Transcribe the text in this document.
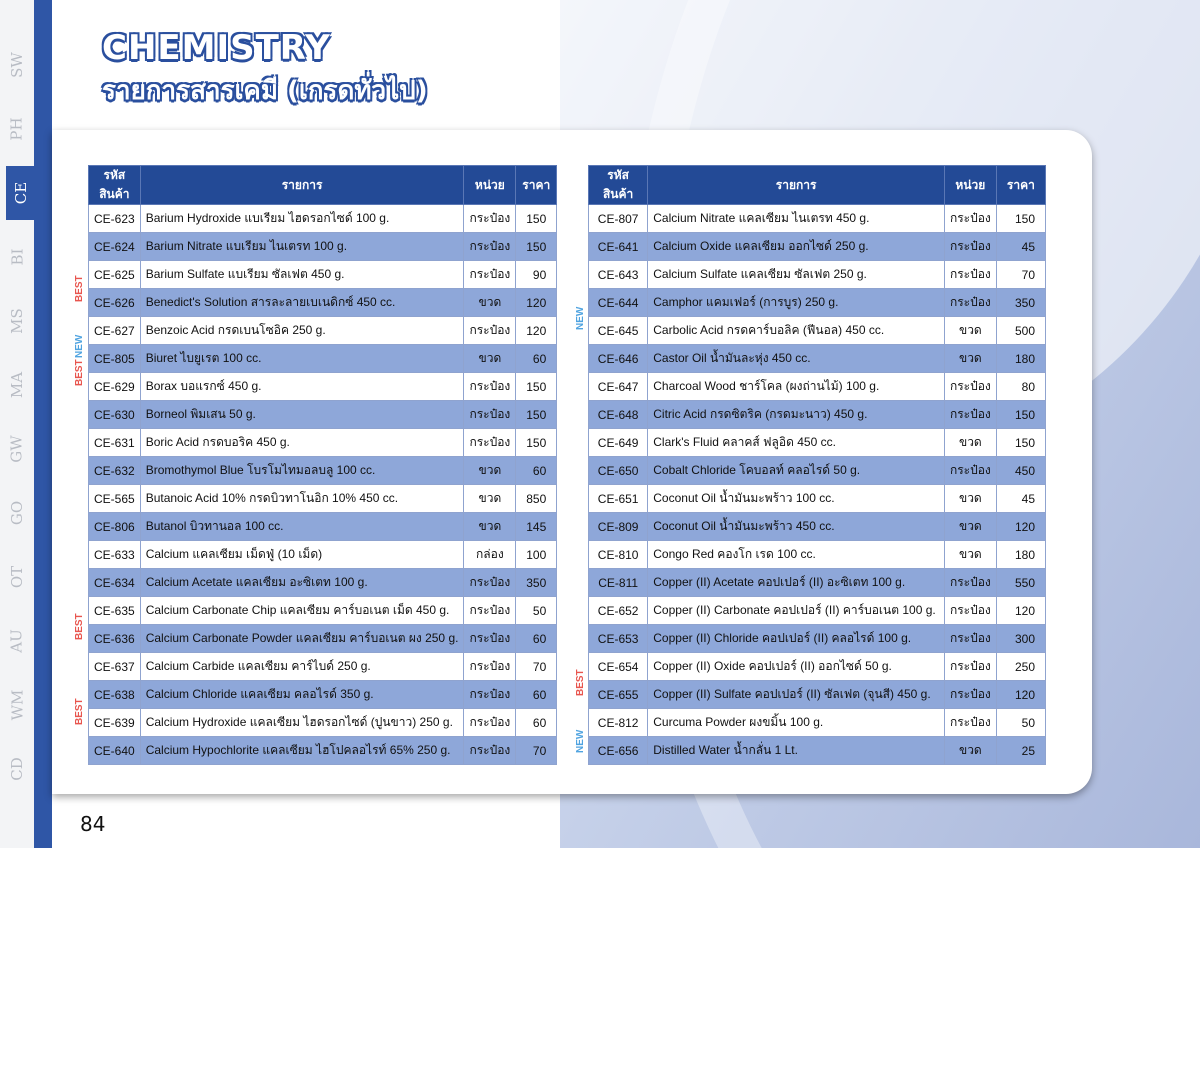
SW
PH
CE
BI
MS
MA
GW
GO
OT
AU
WM
CD
CHEMISTRY
รายการสารเคมี (เกรดทั่วไป)
รหัสสินค้า	รายการ	หน่วย	ราคา
CE-623	Barium Hydroxide แบเรียม ไฮดรอกไซด์ 100 g.	กระป๋อง	150
CE-624	Barium Nitrate แบเรียม ไนเตรท 100 g.	กระป๋อง	150
CE-625	Barium Sulfate แบเรียม ซัลเฟต 450 g.	กระป๋อง	90
CE-626	Benedict's Solution สารละลายเบเนดิกซ์ 450 cc.	ขวด	120
CE-627	Benzoic Acid กรดเบนโซอิค 250 g.	กระป๋อง	120
CE-805	Biuret ไบยูเรต 100 cc.	ขวด	60
CE-629	Borax บอแรกซ์ 450 g.	กระป๋อง	150
CE-630	Borneol พิมเสน 50 g.	กระป๋อง	150
CE-631	Boric Acid กรดบอริค 450 g.	กระป๋อง	150
CE-632	Bromothymol Blue โบรโมไทมอลบลู 100 cc.	ขวด	60
CE-565	Butanoic Acid 10% กรดบิวทาโนอิก 10% 450 cc.	ขวด	850
CE-806	Butanol บิวทานอล 100 cc.	ขวด	145
CE-633	Calcium แคลเซียม เม็ดฟู่ (10 เม็ด)	กล่อง	100
CE-634	Calcium Acetate แคลเซียม อะซิเตท 100 g.	กระป๋อง	350
CE-635	Calcium Carbonate Chip แคลเซียม คาร์บอเนต เม็ด 450 g.	กระป๋อง	50
CE-636	Calcium Carbonate Powder แคลเซียม คาร์บอเนต ผง 250 g.	กระป๋อง	60
CE-637	Calcium Carbide แคลเซียม คาร์ไบด์ 250 g.	กระป๋อง	70
CE-638	Calcium Chloride แคลเซียม คลอไรด์ 350 g.	กระป๋อง	60
CE-639	Calcium Hydroxide แคลเซียม ไฮดรอกไซด์ (ปูนขาว) 250 g.	กระป๋อง	60
CE-640	Calcium Hypochlorite แคลเซียม ไฮโปคลอไรท์ 65% 250 g.	กระป๋อง	70
รหัสสินค้า	รายการ	หน่วย	ราคา
CE-807	Calcium Nitrate แคลเซียม ไนเตรท 450 g.	กระป๋อง	150
CE-641	Calcium Oxide แคลเซียม ออกไซด์ 250 g.	กระป๋อง	45
CE-643	Calcium Sulfate แคลเซียม ซัลเฟต 250 g.	กระป๋อง	70
CE-644	Camphor แคมเฟอร์ (การบูร) 250 g.	กระป๋อง	350
CE-645	Carbolic Acid กรดคาร์บอลิค (ฟีนอล) 450 cc.	ขวด	500
CE-646	Castor Oil น้ำมันละหุ่ง 450 cc.	ขวด	180
CE-647	Charcoal Wood ชาร์โคล (ผงถ่านไม้) 100 g.	กระป๋อง	80
CE-648	Citric Acid กรดซิตริค (กรดมะนาว) 450 g.	กระป๋อง	150
CE-649	Clark's Fluid คลาคส์ ฟลูอิด 450 cc.	ขวด	150
CE-650	Cobalt Chloride โคบอลท์ คลอไรด์ 50 g.	กระป๋อง	450
CE-651	Coconut Oil น้ำมันมะพร้าว 100 cc.	ขวด	45
CE-809	Coconut Oil น้ำมันมะพร้าว 450 cc.	ขวด	120
CE-810	Congo Red คองโก เรด 100 cc.	ขวด	180
CE-811	Copper (II) Acetate คอปเปอร์ (II) อะซิเตท 100 g.	กระป๋อง	550
CE-652	Copper (II) Carbonate คอปเปอร์ (II) คาร์บอเนต 100 g.	กระป๋อง	120
CE-653	Copper (II) Chloride คอปเปอร์ (II) คลอไรด์ 100 g.	กระป๋อง	300
CE-654	Copper (II) Oxide คอปเปอร์ (II) ออกไซด์ 50 g.	กระป๋อง	250
CE-655	Copper (II) Sulfate คอปเปอร์ (II) ซัลเฟต (จุนสี) 450 g.	กระป๋อง	120
CE-812	Curcuma Powder ผงขมิ้น 100 g.	กระป๋อง	50
CE-656	Distilled Water น้ำกลั่น 1 Lt.	ขวด	25
84
BEST
NEW
BEST
BEST
BEST
NEW
BEST
NEW
